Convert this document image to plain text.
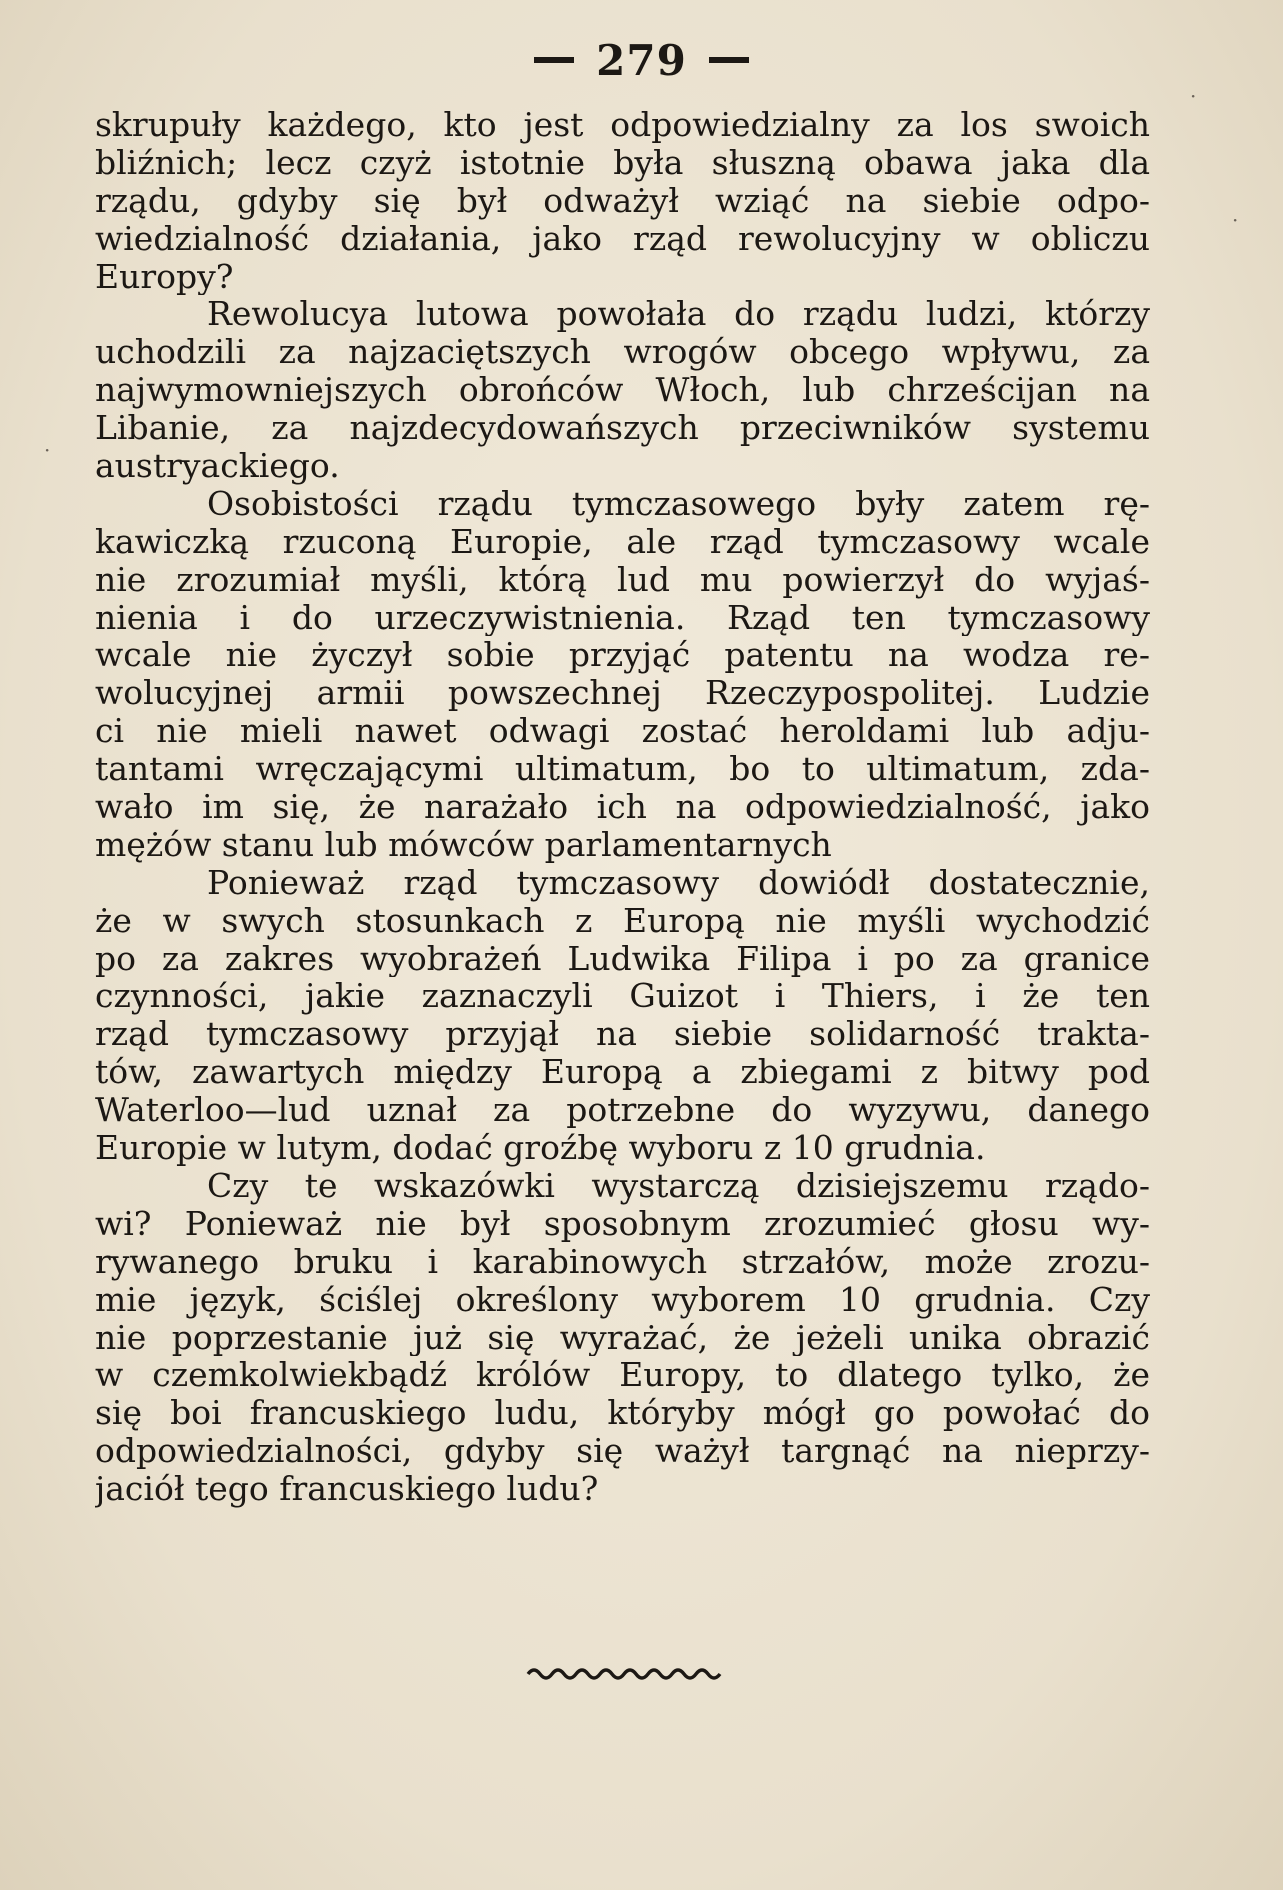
279
skrupuły każdego, kto jest odpowiedzialny za los swoich
bliźnich; lecz czyż istotnie była słuszną obawa jaka dla
rządu, gdyby się był odważył wziąć na siebie odpo-
wiedzialność działania, jako rząd rewolucyjny w obliczu
Europy?
Rewolucya lutowa powołała do rządu ludzi, którzy
uchodzili za najzaciętszych wrogów obcego wpływu, za
najwymowniejszych obrońców Włoch, lub chrześcijan na
Libanie, za najzdecydowańszych przeciwników systemu
austryackiego.
Osobistości rządu tymczasowego były zatem rę-
kawiczką rzuconą Europie, ale rząd tymczasowy wcale
nie zrozumiał myśli, którą lud mu powierzył do wyjaś-
nienia i do urzeczywistnienia. Rząd ten tymczasowy
wcale nie życzył sobie przyjąć patentu na wodza re-
wolucyjnej armii powszechnej Rzeczypospolitej. Ludzie
ci nie mieli nawet odwagi zostać heroldami lub adju-
tantami wręczającymi ultimatum, bo to ultimatum, zda-
wało im się, że narażało ich na odpowiedzialność, jako
mężów stanu lub mówców parlamentarnych
Ponieważ rząd tymczasowy dowiódł dostatecznie,
że w swych stosunkach z Europą nie myśli wychodzić
po za zakres wyobrażeń Ludwika Filipa i po za granice
czynności, jakie zaznaczyli Guizot i Thiers, i że ten
rząd tymczasowy przyjął na siebie solidarność trakta-
tów, zawartych między Europą a zbiegami z bitwy pod
Waterloo—lud uznał za potrzebne do wyzywu, danego
Europie w lutym, dodać groźbę wyboru z 10 grudnia.
Czy te wskazówki wystarczą dzisiejszemu rządo-
wi? Ponieważ nie był sposobnym zrozumieć głosu wy-
rywanego bruku i karabinowych strzałów, może zrozu-
mie język, ściślej określony wyborem 10 grudnia. Czy
nie poprzestanie już się wyrażać, że jeżeli unika obrazić
w czemkolwiekbądź królów Europy, to dlatego tylko, że
się boi francuskiego ludu, któryby mógł go powołać do
odpowiedzialności, gdyby się ważył targnąć na nieprzy-
jaciół tego francuskiego ludu?
·
·
·
